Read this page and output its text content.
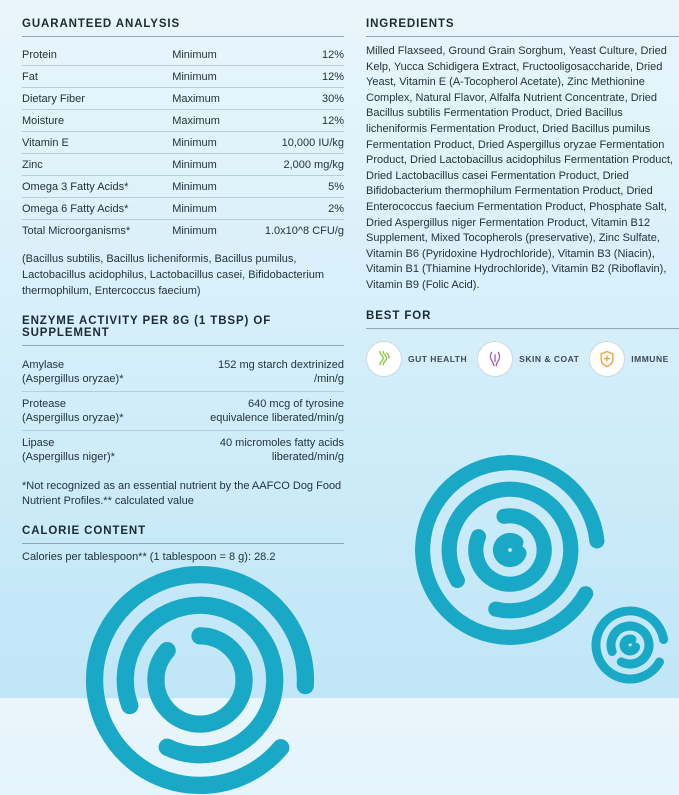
GUARANTEED ANALYSIS
Protein	Minimum	12%
Fat	Minimum	12%
Dietary Fiber	Maximum	30%
Moisture	Maximum	12%
Vitamin E	Minimum	10,000 IU/kg
Zinc	Minimum	2,000 mg/kg
Omega 3 Fatty Acids*	Minimum	5%
Omega 6 Fatty Acids*	Minimum	2%
Total Microorganisms*	Minimum	1.0x10^8 CFU/g
(Bacillus subtilis, Bacillus licheniformis, Bacillus pumilus, Lactobacillus acidophilus, Lactobacillus casei, Bifidobacterium thermophilum, Entercoccus faecium)
ENZYME ACTIVITY PER 8G (1 TBSP) OF SUPPLEMENT
Amylase
(Aspergillus oryzae)*	152 mg starch dextrinized
/min/g

Protease
(Aspergillus oryzae)*	640 mcg of tyrosine
equivalence liberated/min/g

Lipase
(Aspergillus niger)*	40 micromoles fatty acids
liberated/min/g
*Not recognized as an essential nutrient by the AAFCO Dog Food Nutrient Profiles.** calculated value
CALORIE CONTENT
Calories per tablespoon** (1 tablespoon = 8 g): 28.2
INGREDIENTS
Milled Flaxseed, Ground Grain Sorghum, Yeast Culture, Dried Kelp, Yucca Schidigera Extract, Fructooligosaccharide, Dried Yeast, Vitamin E (A-Tocopherol Acetate), Zinc Methionine Complex, Natural Flavor, Alfalfa Nutrient Concentrate, Dried Bacillus subtilis Fermentation Product, Dried Bacillus licheniformis Fermentation Product, Dried Bacillus pumilus Fermentation Product, Dried Aspergillus oryzae Fermentation Product, Dried Lactobacillus acidophilus Fermentation Product, Dried Lactobacillus casei Fermentation Product, Dried Bifidobacterium thermophilum Fermentation Product, Dried Enterococcus faecium Fermentation Product, Phosphate Salt, Dried Aspergillus niger Fermentation Product, Vitamin B12 Supplement, Mixed Tocopherols (preservative), Zinc Sulfate, Vitamin B6 (Pyridoxine Hydrochloride), Vitamin B3 (Niacin), Vitamin B1 (Thiamine Hydrochloride), Vitamin B2 (Riboflavin), Vitamin B9 (Folic Acid).
BEST FOR
GUT HEALTH	SKIN & COAT	IMMUNE
